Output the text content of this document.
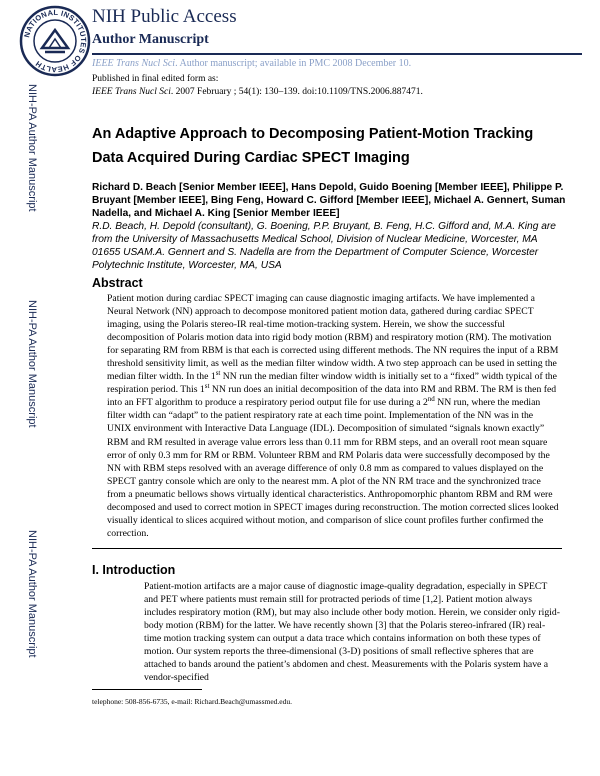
NATIONAL INSTITUTES OF HEALTH
NIH Public Access
Author Manuscript
IEEE Trans Nucl Sci. Author manuscript; available in PMC 2008 December 10.
NIH-PA Author Manuscript
NIH-PA Author Manuscript
NIH-PA Author Manuscript
Published in final edited form as:
IEEE Trans Nucl Sci. 2007 February ; 54(1): 130–139. doi:10.1109/TNS.2006.887471.
An Adaptive Approach to Decomposing Patient-Motion Tracking Data Acquired During Cardiac SPECT Imaging
Richard D. Beach [Senior Member IEEE], Hans Depold, Guido Boening [Member IEEE], Philippe P. Bruyant [Member IEEE], Bing Feng, Howard C. Gifford [Member IEEE], Michael A. Gennert, Suman Nadella, and Michael A. King [Senior Member IEEE]
R.D. Beach, H. Depold (consultant), G. Boening, P.P. Bruyant, B. Feng, H.C. Gifford and, M.A. King are from the University of Massachusetts Medical School, Division of Nuclear Medicine, Worcester, MA 01655 USAM.A. Gennert and S. Nadella are from the Department of Computer Science, Worcester Polytechnic Institute, Worcester, MA, USA
Abstract
Patient motion during cardiac SPECT imaging can cause diagnostic imaging artifacts. We have implemented a Neural Network (NN) approach to decompose monitored patient motion data, gathered during cardiac SPECT imaging, using the Polaris stereo-IR real-time motion-tracking system. Herein, we show the successful decomposition of Polaris motion data into rigid body motion (RBM) and respiratory motion (RM). The motivation for separating RM from RBM is that each is corrected using different methods. The NN requires the input of a RBM threshold sensitivity limit, as well as the median filter window width. A two step approach can be used in setting the median filter width. In the 1st NN run the median filter window width is initially set to a “fixed” width typical of the respiration period. This 1st NN run does an initial decomposition of the data into RM and RBM. The RM is then fed into an FFT algorithm to produce a respiratory period output file for use during a 2nd NN run, where the median filter width can “adapt” to the patient respiratory rate at each time point. Implementation of the NN was in the UNIX environment with Interactive Data Language (IDL). Decomposition of simulated “signals known exactly” RBM and RM resulted in average value errors less than 0.11 mm for RBM steps, and an overall root mean square error of only 0.3 mm for RM or RBM. Volunteer RBM and RM Polaris data were successfully decomposed by the NN with RBM steps resolved with an average difference of only 0.8 mm as compared to values displayed on the SPECT gantry console which are only to the nearest mm. A plot of the NN RM trace and the synchronized trace from a pneumatic bellows shows virtually identical characteristics. Anthropomorphic phantom RBM and RM were decomposed and used to correct motion in SPECT images during reconstruction. The motion corrected slices looked visually identical to slices acquired without motion, and comparison of slice count profiles further confirmed the correction.
I. Introduction
Patient-motion artifacts are a major cause of diagnostic image-quality degradation, especially in SPECT and PET where patients must remain still for protracted periods of time [1,2]. Patient motion always includes respiratory motion (RM), but may also include other body motion. Herein, we consider only rigid-body motion (RBM) for the latter. We have recently shown [3] that the Polaris stereo-infrared (IR) real-time motion tracking system can output a data trace which contains information on both these types of motion. Our system reports the three-dimensional (3-D) positions of small reflective spheres that are attached to bands around the patient’s abdomen and chest. Measurements with the Polaris system have a vendor-specified
telephone: 508-856-6735, e-mail: Richard.Beach@umassmed.edu.
